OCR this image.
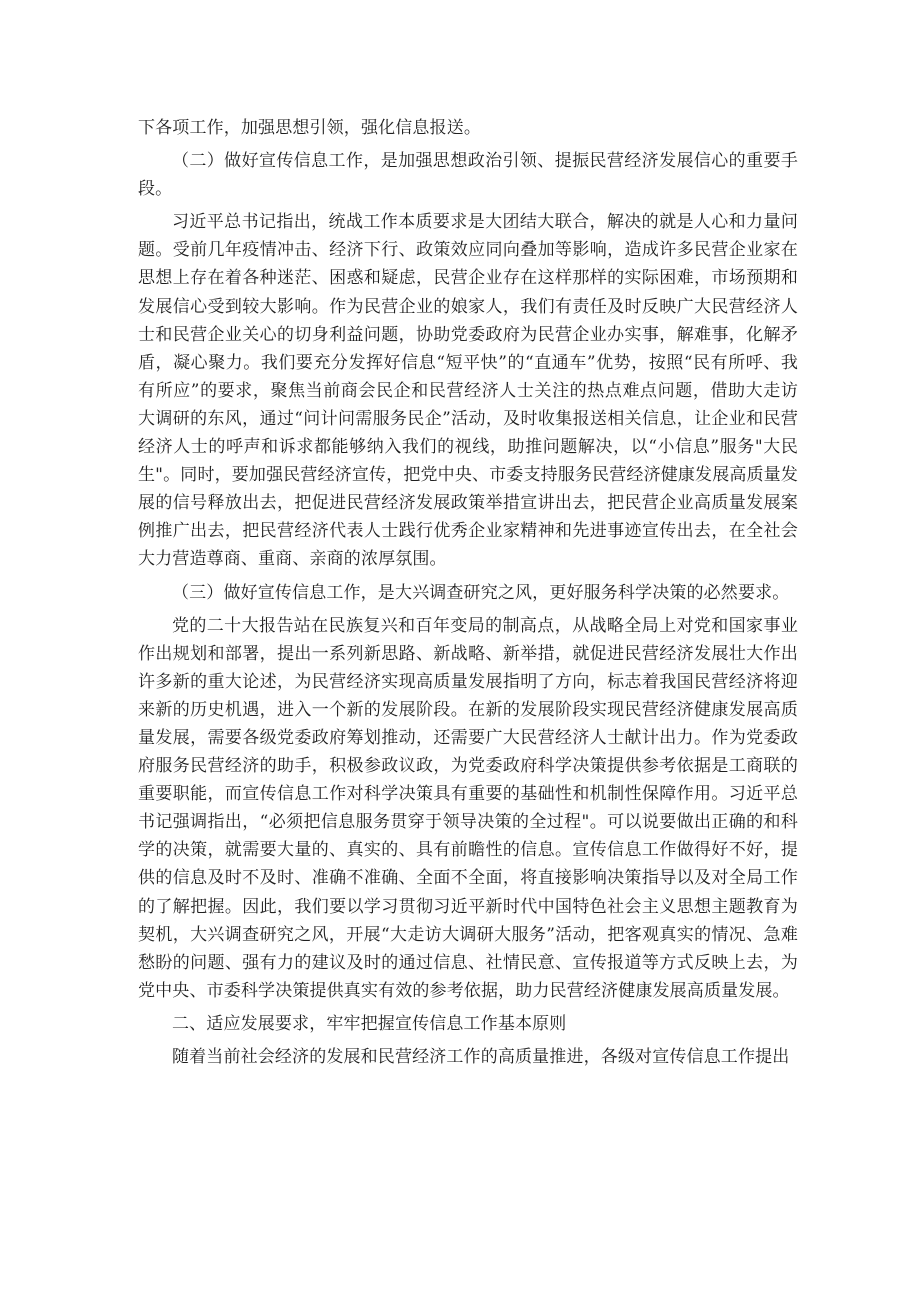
下各项工作，加强思想引领，强化信息报送。

（二）做好宣传信息工作，是加强思想政治引领、提振民营经济发展信心的重要手段。

习近平总书记指出，统战工作本质要求是大团结大联合，解决的就是人心和力量问题。受前几年疫情冲击、经济下行、政策效应同向叠加等影响，造成许多民营企业家在思想上存在着各种迷茫、困惑和疑虑，民营企业存在这样那样的实际困难，市场预期和发展信心受到较大影响。作为民营企业的娘家人，我们有责任及时反映广大民营经济人士和民营企业关心的切身利益问题，协助党委政府为民营企业办实事，解难事，化解矛盾，凝心聚力。我们要充分发挥好信息“短平快”的“直通车”优势，按照“民有所呼、我有所应”的要求，聚焦当前商会民企和民营经济人士关注的热点难点问题，借助大走访大调研的东风，通过“问计问需服务民企”活动，及时收集报送相关信息，让企业和民营经济人士的呼声和诉求都能够纳入我们的视线，助推问题解决，以“小信息”服务"大民生"。同时，要加强民营经济宣传，把党中央、市委支持服务民营经济健康发展高质量发展的信号释放出去，把促进民营经济发展政策举措宣讲出去，把民营企业高质量发展案例推广出去，把民营经济代表人士践行优秀企业家精神和先进事迹宣传出去，在全社会大力营造尊商、重商、亲商的浓厚氛围。

（三）做好宣传信息工作，是大兴调查研究之风，更好服务科学决策的必然要求。

党的二十大报告站在民族复兴和百年变局的制高点，从战略全局上对党和国家事业作出规划和部署，提出一系列新思路、新战略、新举措，就促进民营经济发展壮大作出许多新的重大论述，为民营经济实现高质量发展指明了方向，标志着我国民营经济将迎来新的历史机遇，进入一个新的发展阶段。在新的发展阶段实现民营经济健康发展高质量发展，需要各级党委政府筹划推动，还需要广大民营经济人士献计出力。作为党委政府服务民营经济的助手，积极参政议政，为党委政府科学决策提供参考依据是工商联的重要职能，而宣传信息工作对科学决策具有重要的基础性和机制性保障作用。习近平总书记强调指出，“必须把信息服务贯穿于领导决策的全过程"。可以说要做出正确的和科学的决策，就需要大量的、真实的、具有前瞻性的信息。宣传信息工作做得好不好，提供的信息及时不及时、准确不准确、全面不全面，将直接影响决策指导以及对全局工作的了解把握。因此，我们要以学习贯彻习近平新时代中国特色社会主义思想主题教育为契机，大兴调查研究之风，开展“大走访大调研大服务”活动，把客观真实的情况、急难愁盼的问题、强有力的建议及时的通过信息、社情民意、宣传报道等方式反映上去，为党中央、市委科学决策提供真实有效的参考依据，助力民营经济健康发展高质量发展。

二、适应发展要求，牢牢把握宣传信息工作基本原则

随着当前社会经济的发展和民营经济工作的高质量推进，各级对宣传信息工作提出
